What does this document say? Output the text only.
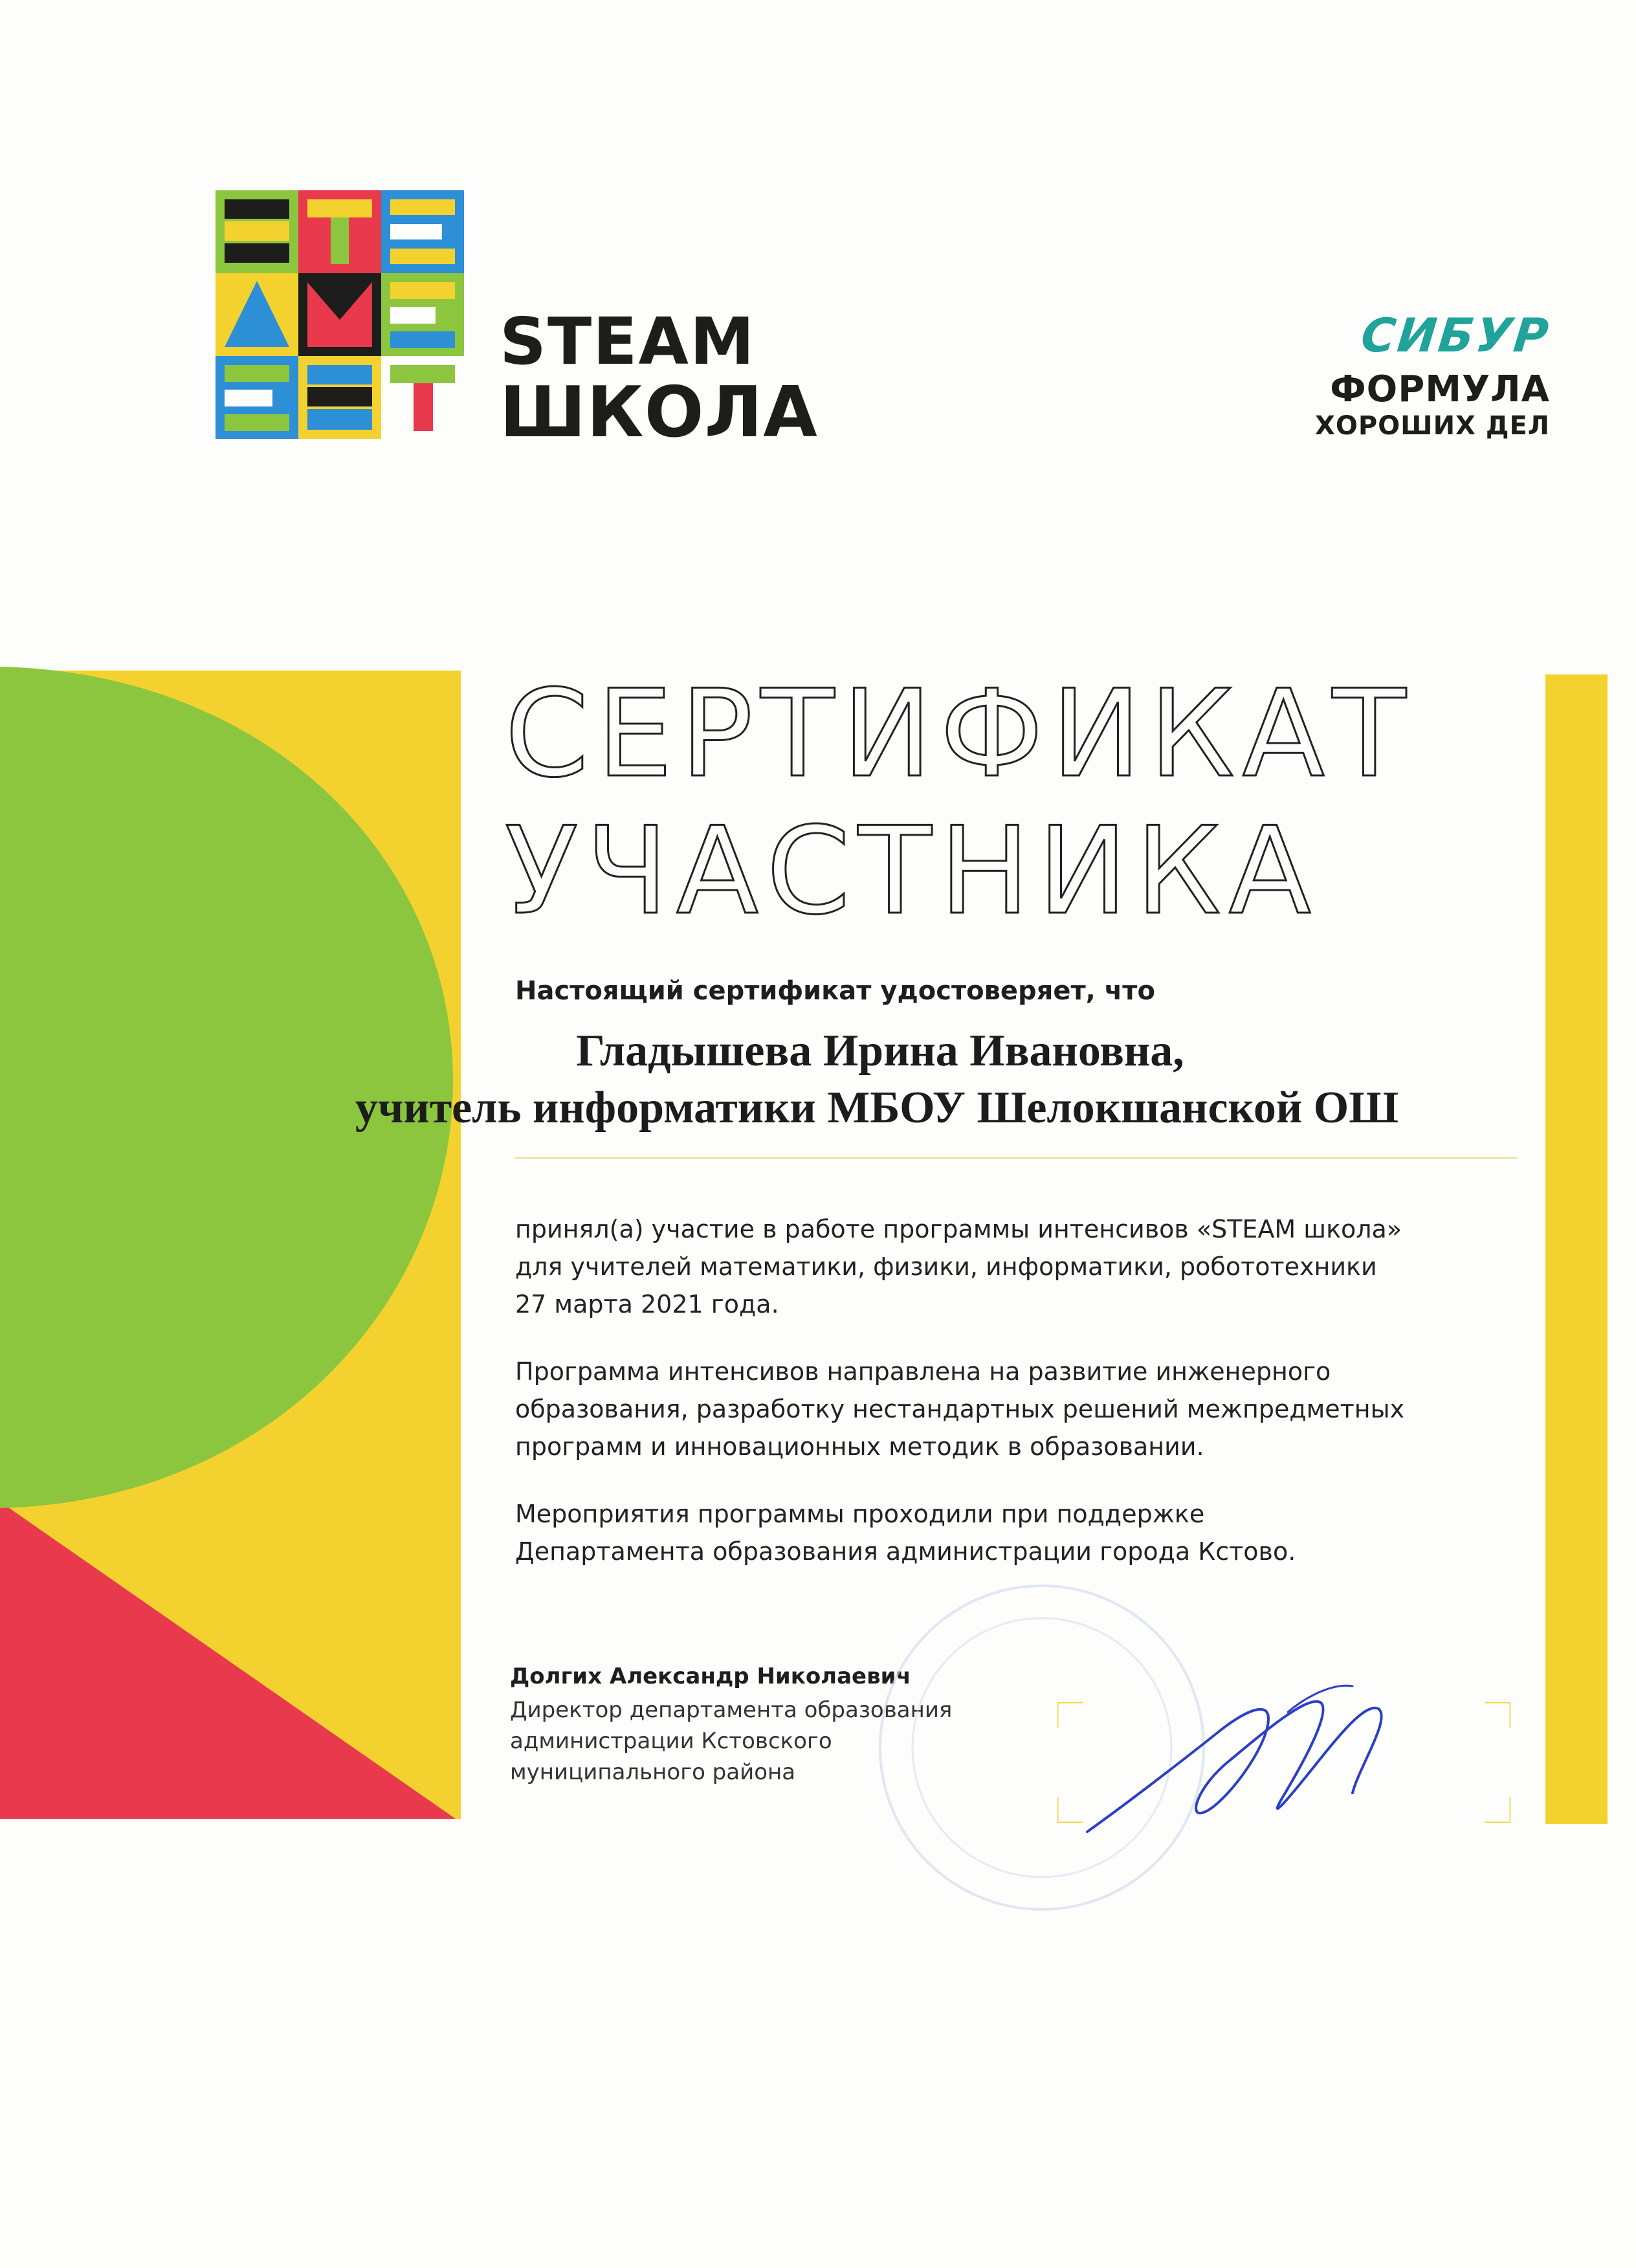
STEAM
ШКОЛА
СИБУР
ФОРМУЛА
ХОРОШИХ ДЕЛ
СЕРТИФИКАТ
УЧАСТНИКА
Настоящий сертификат удостоверяет, что
Гладышева Ирина Ивановна,
учитель информатики МБОУ Шелокшанской ОШ
принял(а) участие в работе программы интенсивов «STEAM школа»
для учителей математики, физики, информатики, робототехники
27 марта 2021 года.
Программа интенсивов направлена на развитие инженерного
образования, разработку нестандартных решений межпредметных
программ и инновационных методик в образовании.
Мероприятия программы проходили при поддержке
Департамента образования администрации города Кстово.
Долгих Александр Николаевич
Директор департамента образования
администрации Кстовского
муниципального района
